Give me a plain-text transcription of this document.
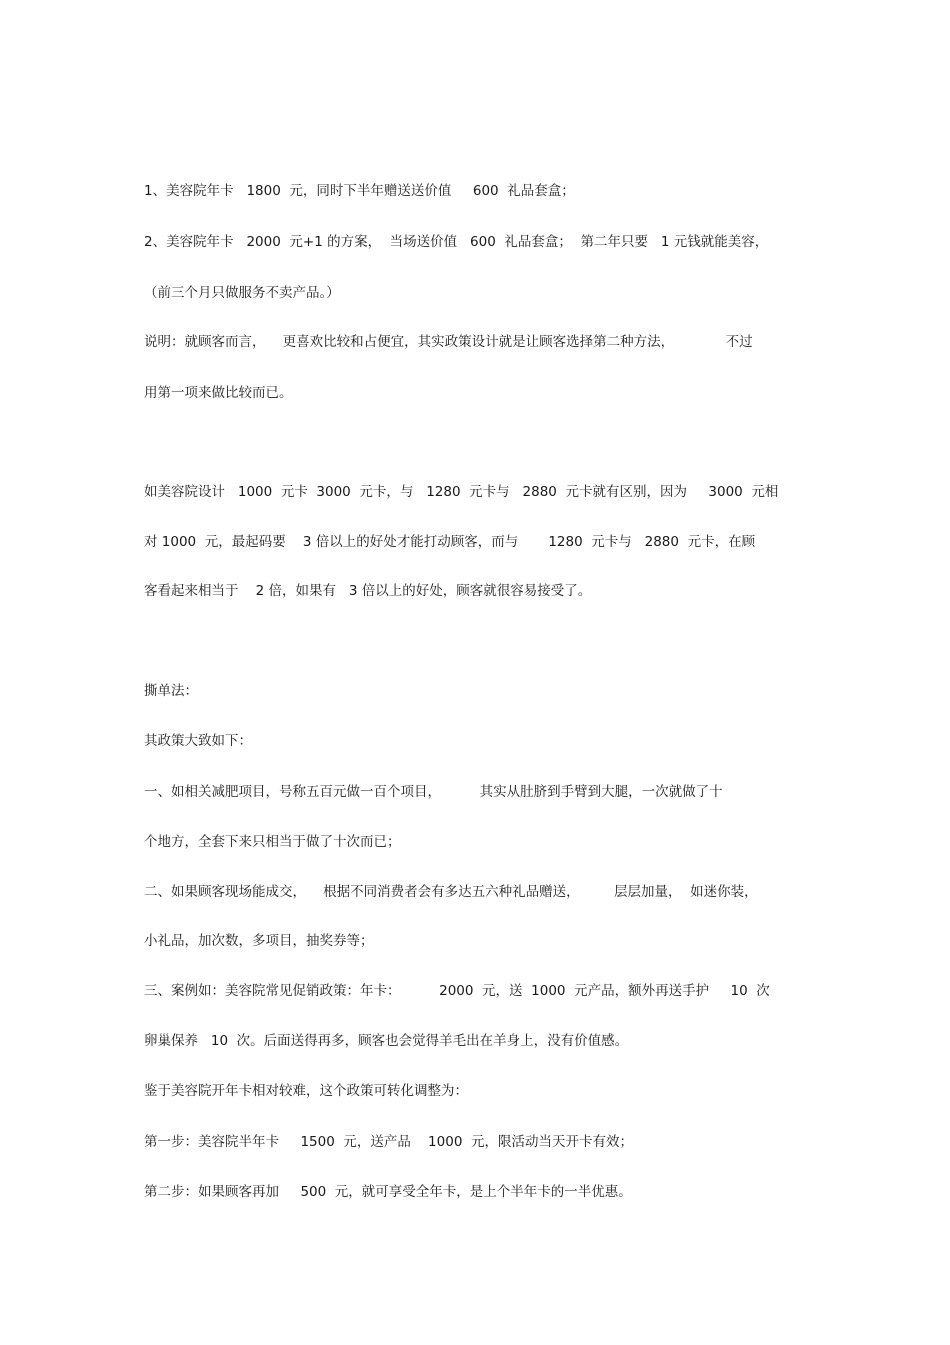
1、美容院年卡   1800  元，同时下半年赠送送价值     600  礼品套盒；
2、美容院年卡   2000  元+1 的方案，  当场送价值   600  礼品套盒；  第二年只要   1 元钱就能美容，
（前三个月只做服务不卖产品。）
说明：就顾客而言，    更喜欢比较和占便宜，其实政策设计就是让顾客选择第二种方法，            不过
用第一项来做比较而已。
如美容院设计   1000  元卡  3000  元卡，与   1280  元卡与   2880  元卡就有区别，因为     3000  元相
对 1000  元，最起码要    3 倍以上的好处才能打动顾客，而与       1280  元卡与   2880  元卡，在顾
客看起来相当于    2 倍，如果有   3 倍以上的好处，顾客就很容易接受了。
撕单法：
其政策大致如下：
一、如相关减肥项目，号称五百元做一百个项目，         其实从肚脐到手臂到大腿，一次就做了十
个地方，全套下来只相当于做了十次而已；
二、如果顾客现场能成交，    根据不同消费者会有多达五六种礼品赠送，        层层加量，  如迷你装，
小礼品，加次数，多项目，抽奖券等；
三、案例如：美容院常见促销政策：年卡：         2000  元，送  1000  元产品，额外再送手护     10  次
卵巢保养   10  次。后面送得再多，顾客也会觉得羊毛出在羊身上，没有价值感。
鉴于美容院开年卡相对较难，这个政策可转化调整为：
第一步：美容院半年卡     1500  元，送产品    1000  元，限活动当天开卡有效；
第二步：如果顾客再加     500  元，就可享受全年卡，是上个半年卡的一半优惠。
